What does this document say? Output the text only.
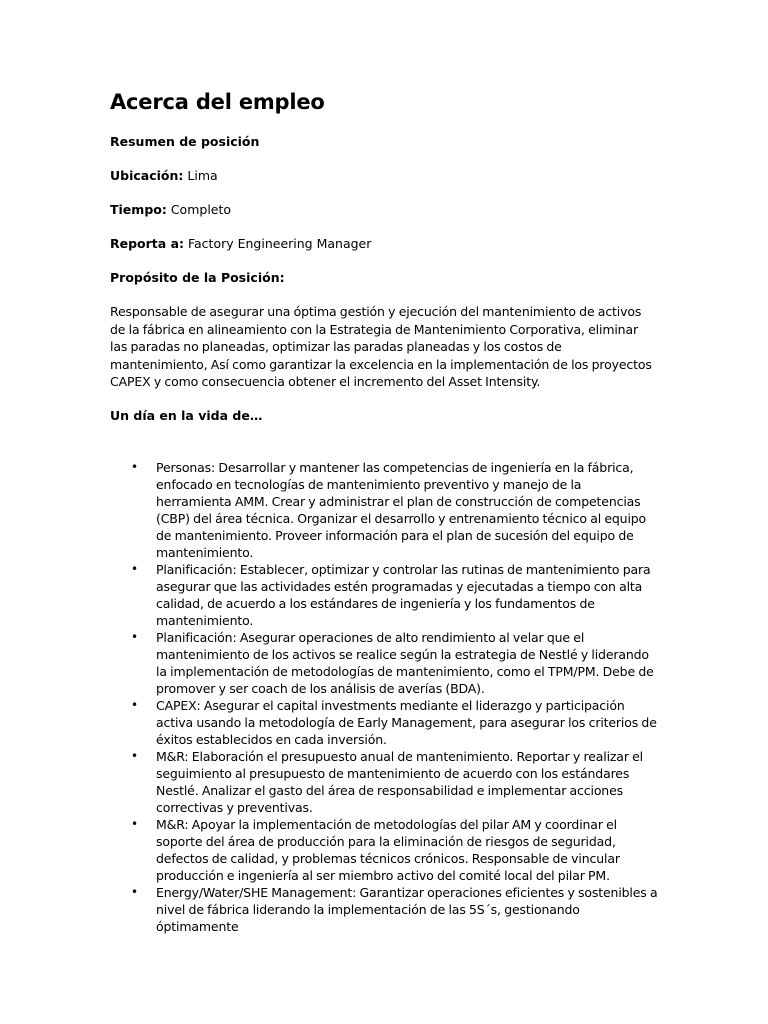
Acerca del empleo
Resumen de posición
Ubicación: Lima
Tiempo: Completo
Reporta a: Factory Engineering Manager
Propósito de la Posición:
Responsable de asegurar una óptima gestión y ejecución del mantenimiento de activos de la fábrica en alineamiento con la Estrategia de Mantenimiento Corporativa, eliminar las paradas no planeadas, optimizar las paradas planeadas y los costos de mantenimiento, Así como garantizar la excelencia en la implementación de los proyectos CAPEX y como consecuencia obtener el incremento del Asset Intensity.
Un día en la vida de…
• Personas: Desarrollar y mantener las competencias de ingeniería en la fábrica, enfocado en tecnologías de mantenimiento preventivo y manejo de la herramienta AMM. Crear y administrar el plan de construcción de competencias (CBP) del área técnica. Organizar el desarrollo y entrenamiento técnico al equipo de mantenimiento. Proveer información para el plan de sucesión del equipo de mantenimiento.
• Planificación: Establecer, optimizar y controlar las rutinas de mantenimiento para asegurar que las actividades estén programadas y ejecutadas a tiempo con alta calidad, de acuerdo a los estándares de ingeniería y los fundamentos de mantenimiento.
• Planificación: Asegurar operaciones de alto rendimiento al velar que el mantenimiento de los activos se realice según la estrategia de Nestlé y liderando la implementación de metodologías de mantenimiento, como el TPM/PM. Debe de promover y ser coach de los análisis de averías (BDA).
• CAPEX: Asegurar el capital investments mediante el liderazgo y participación activa usando la metodología de Early Management, para asegurar los criterios de éxitos establecidos en cada inversión.
• M&R: Elaboración el presupuesto anual de mantenimiento. Reportar y realizar el seguimiento al presupuesto de mantenimiento de acuerdo con los estándares Nestlé. Analizar el gasto del área de responsabilidad e implementar acciones correctivas y preventivas.
• M&R: Apoyar la implementación de metodologías del pilar AM y coordinar el soporte del área de producción para la eliminación de riesgos de seguridad, defectos de calidad, y problemas técnicos crónicos. Responsable de vincular producción e ingeniería al ser miembro activo del comité local del pilar PM.
• Energy/Water/SHE Management: Garantizar operaciones eficientes y sostenibles a nivel de fábrica liderando la implementación de las 5S´s, gestionando óptimamente
